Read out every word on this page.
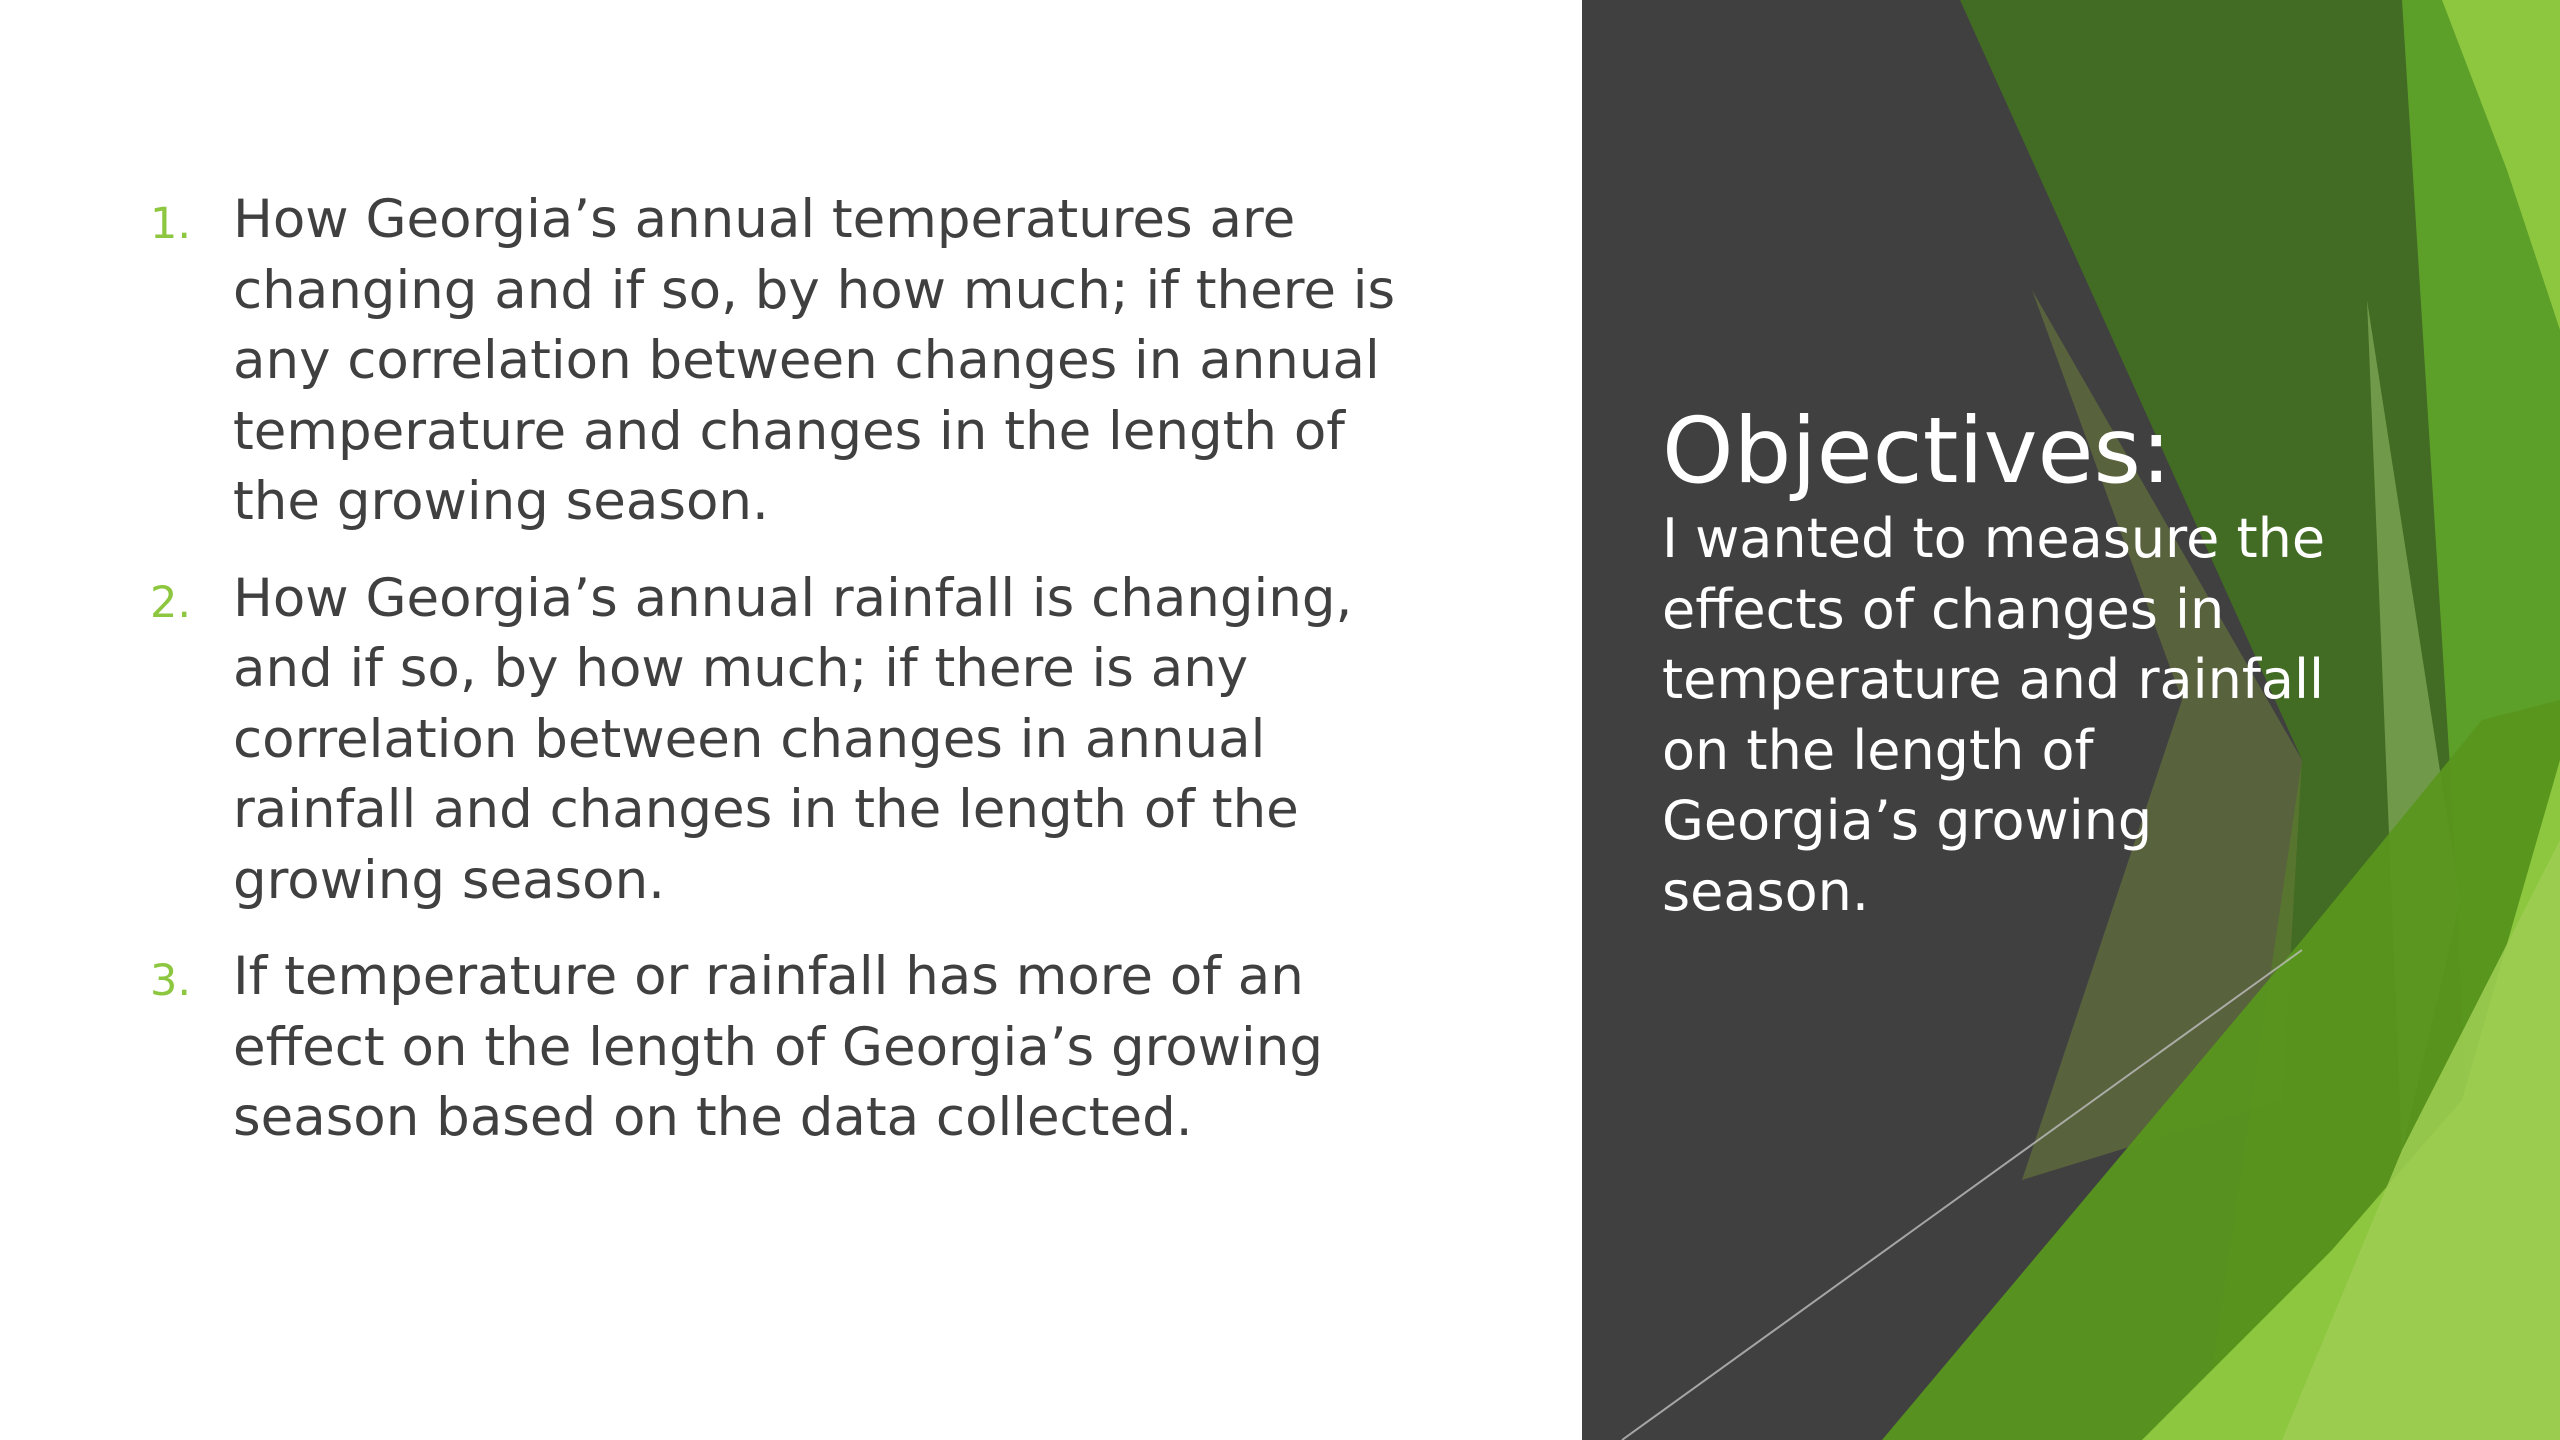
1. How Georgia’s annual temperatures are
changing and if so, by how much; if there is
any correlation between changes in annual
temperature and changes in the length of
the growing season.
2. How Georgia’s annual rainfall is changing,
and if so, by how much; if there is any
correlation between changes in annual
rainfall and changes in the length of the
growing season.
3. If temperature or rainfall has more of an
effect on the length of Georgia’s growing
season based on the data collected.
Objectives:

I wanted to measure the
effects of changes in
temperature and rainfall
on the length of
Georgia’s growing
season.
